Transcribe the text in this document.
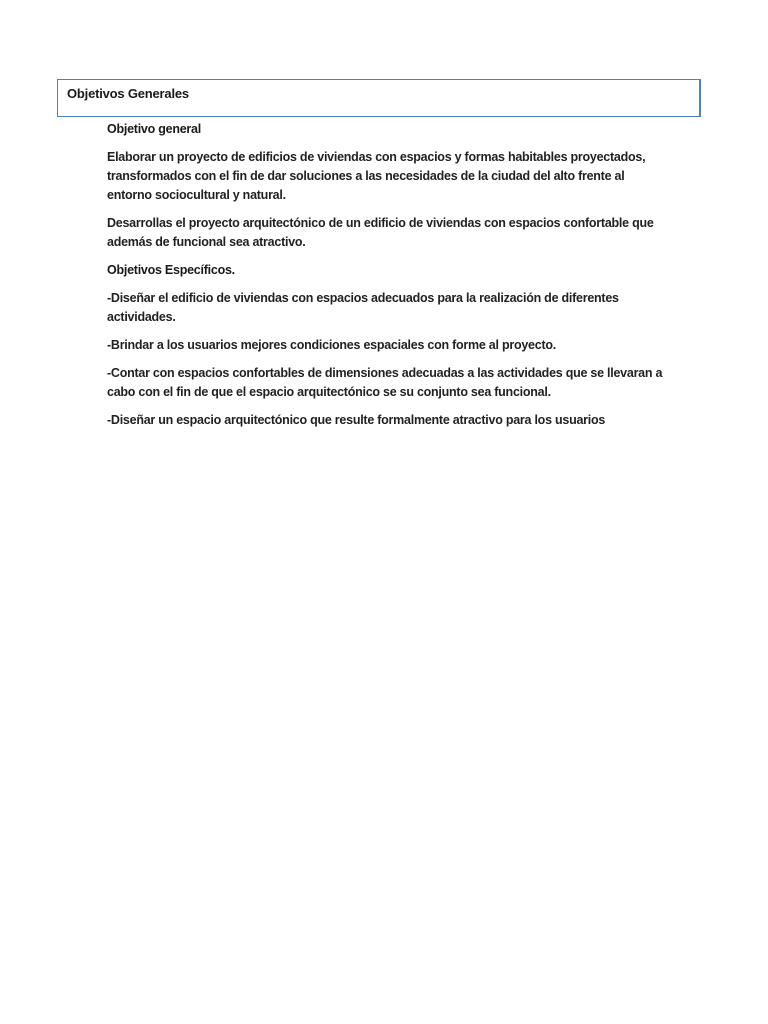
Objetivos Generales

Objetivo general

Elaborar un proyecto de edificios de viviendas con espacios y formas habitables proyectados, transformados con el fin de dar soluciones a las necesidades de la ciudad del alto frente al entorno sociocultural y natural.

Desarrollas el proyecto arquitectónico de un edificio de viviendas con espacios confortable que además de funcional sea atractivo.

Objetivos Específicos.

-Diseñar el edificio de viviendas con espacios adecuados para la realización de diferentes actividades.

-Brindar a los usuarios mejores condiciones espaciales con forme al proyecto.

-Contar con espacios confortables de dimensiones adecuadas a las actividades que se llevaran a cabo con el fin de que el espacio arquitectónico se su conjunto sea funcional.

-Diseñar un espacio arquitectónico que resulte formalmente atractivo para los usuarios
